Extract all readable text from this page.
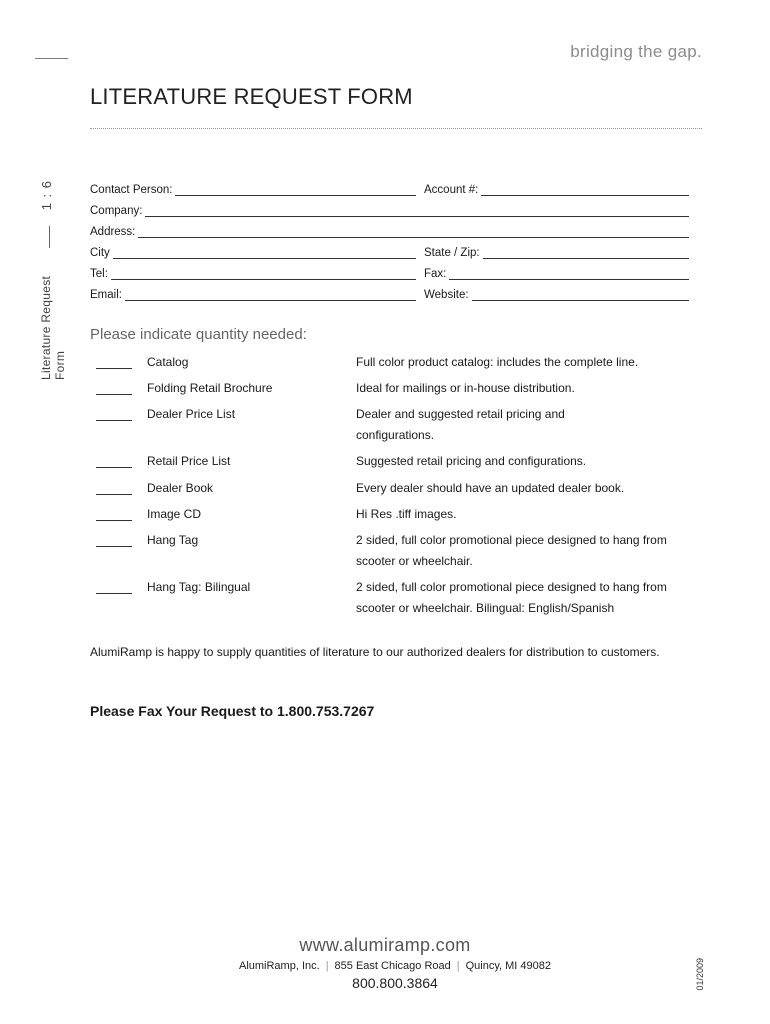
bridging the gap.
LITERATURE REQUEST FORM
1 : 6
Literature Request Form
Contact Person:	Account #:
Company:
Address:
City	State / Zip:
Tel:	Fax:
Email:	Website:
Please indicate quantity needed:
Catalog	Full color product catalog: includes the complete line.
Folding Retail Brochure	Ideal for mailings or in-house distribution.
Dealer Price List	Dealer and suggested retail pricing and configurations.
Retail Price List	Suggested retail pricing and configurations.
Dealer Book	Every dealer should have an updated dealer book.
Image CD	Hi Res .tiff images.
Hang Tag	2 sided, full color promotional piece designed to hang from scooter or wheelchair.
Hang Tag: Bilingual	2 sided, full color promotional piece designed to hang from scooter or wheelchair. Bilingual: English/Spanish
AlumiRamp is happy to supply quantities of literature to our authorized dealers for distribution to customers.
Please Fax Your Request to 1.800.753.7267
www.alumiramp.com
AlumiRamp, Inc. | 855 East Chicago Road | Quincy, MI 49082
800.800.3864	01/2009
